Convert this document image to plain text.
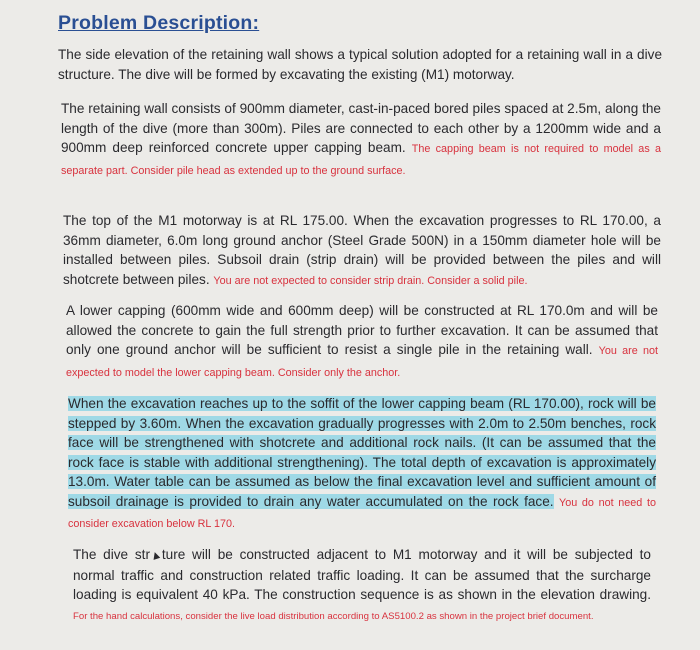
Problem Description:
The side elevation of the retaining wall shows a typical solution adopted for a retaining wall in a dive structure. The dive will be formed by excavating the existing (M1) motorway.
The retaining wall consists of 900mm diameter, cast-in-paced bored piles spaced at 2.5m, along the length of the dive (more than 300m). Piles are connected to each other by a 1200mm wide and a 900mm deep reinforced concrete upper capping beam. The capping beam is not required to model as a separate part. Consider pile head as extended up to the ground surface.
The top of the M1 motorway is at RL 175.00. When the excavation progresses to RL 170.00, a 36mm diameter, 6.0m long ground anchor (Steel Grade 500N) in a 150mm diameter hole will be installed between piles. Subsoil drain (strip drain) will be provided between the piles and will shotcrete between piles. You are not expected to consider strip drain. Consider a solid pile.
A lower capping (600mm wide and 600mm deep) will be constructed at RL 170.0m and will be allowed the concrete to gain the full strength prior to further excavation. It can be assumed that only one ground anchor will be sufficient to resist a single pile in the retaining wall. You are not expected to model the lower capping beam. Consider only the anchor.
When the excavation reaches up to the soffit of the lower capping beam (RL 170.00), rock will be stepped by 3.60m. When the excavation gradually progresses with 2.0m to 2.50m benches, rock face will be strengthened with shotcrete and additional rock nails. (It can be assumed that the rock face is stable with additional strengthening). The total depth of excavation is approximately 13.0m. Water table can be assumed as below the final excavation level and sufficient amount of subsoil drainage is provided to drain any water accumulated on the rock face. You do not need to consider excavation below RL 170.
The dive str▲ture will be constructed adjacent to M1 motorway and it will be subjected to normal traffic and construction related traffic loading. It can be assumed that the surcharge loading is equivalent 40 kPa. The construction sequence is as shown in the elevation drawing. For the hand calculations, consider the live load distribution according to AS5100.2 as shown in the project brief document.
